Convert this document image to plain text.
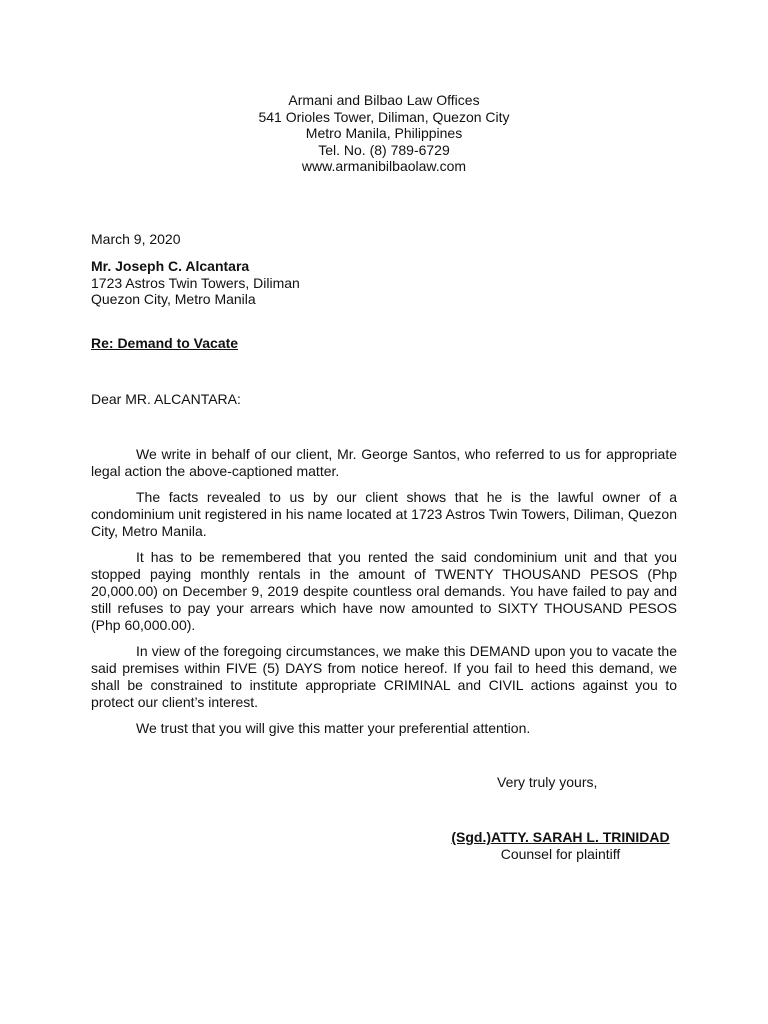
Armani and Bilbao Law Offices
541 Orioles Tower, Diliman, Quezon City
Metro Manila, Philippines
Tel. No. (8) 789-6729
www.armanibilbaolaw.com
March 9, 2020
Mr. Joseph C. Alcantara
1723 Astros Twin Towers, Diliman
Quezon City, Metro Manila
Re: Demand to Vacate
Dear MR. ALCANTARA:

We write in behalf of our client, Mr. George Santos, who referred to us for appropriate legal action the above-captioned matter.

The facts revealed to us by our client shows that he is the lawful owner of a condominium unit registered in his name located at 1723 Astros Twin Towers, Diliman, Quezon City, Metro Manila.

It has to be remembered that you rented the said condominium unit and that you stopped paying monthly rentals in the amount of TWENTY THOUSAND PESOS (Php 20,000.00) on December 9, 2019 despite countless oral demands. You have failed to pay and still refuses to pay your arrears which have now amounted to SIXTY THOUSAND PESOS (Php 60,000.00).

In view of the foregoing circumstances, we make this DEMAND upon you to vacate the said premises within FIVE (5) DAYS from notice hereof. If you fail to heed this demand, we shall be constrained to institute appropriate CRIMINAL and CIVIL actions against you to protect our client’s interest.

We trust that you will give this matter your preferential attention.

Very truly yours,
(Sgd.)ATTY. SARAH L. TRINIDAD
Counsel for plaintiff
